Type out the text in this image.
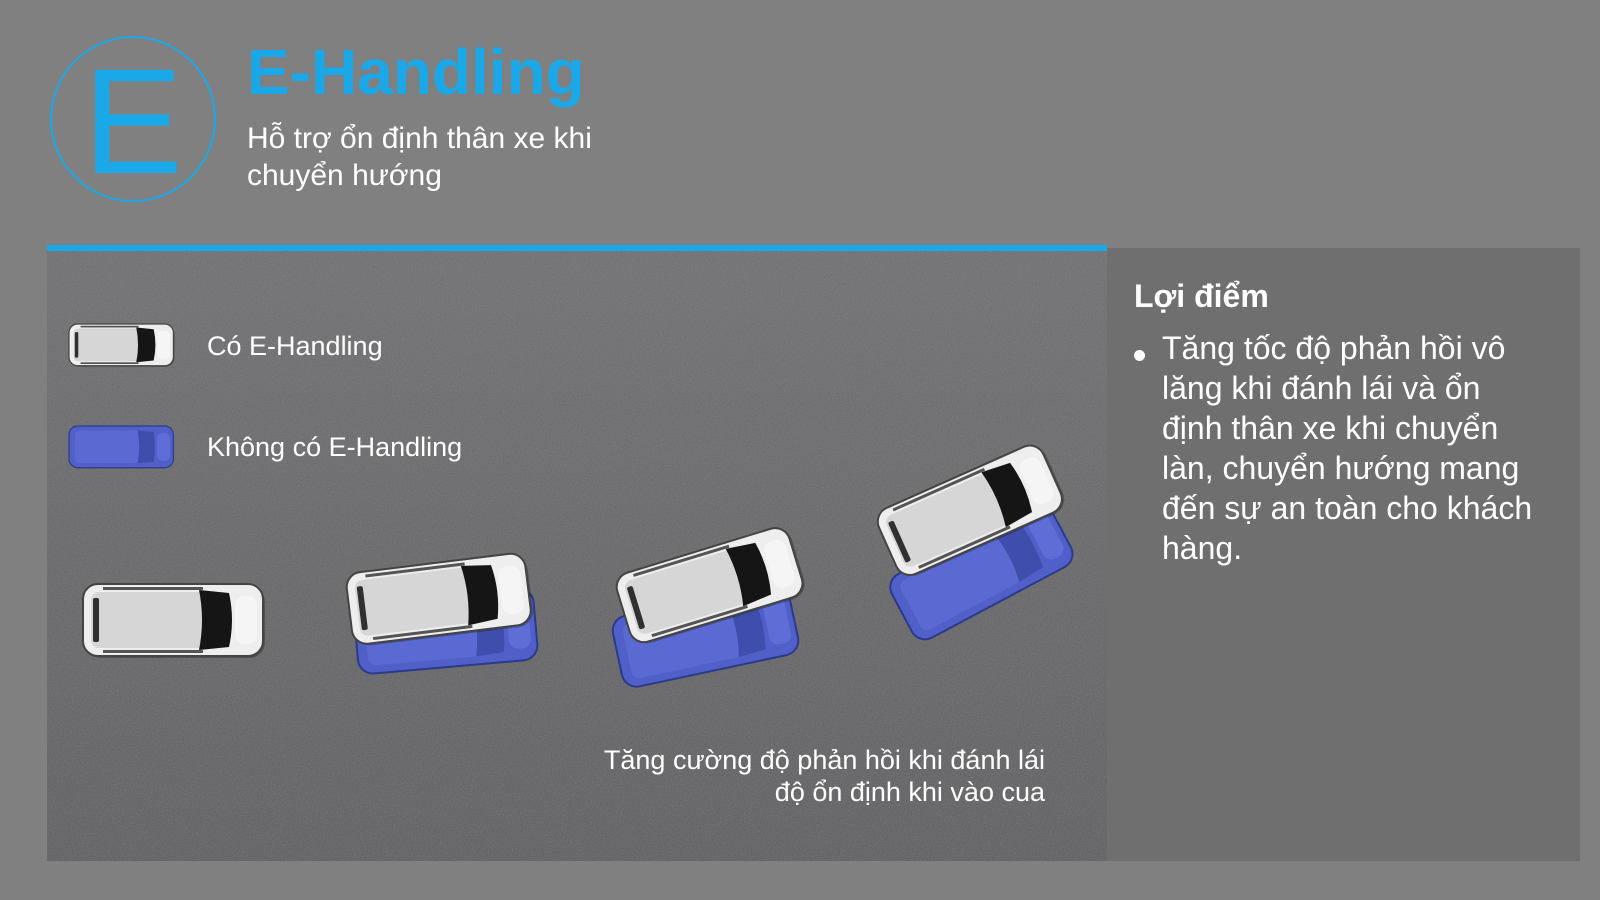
E E-Handling

Hỗ trợ ổn định thân xe khi chuyển hướng

Có E-Handling
Không có E-Handling
Tăng cường độ phản hồi khi đánh lái
độ ổn định khi vào cua
Lợi điểm
Tăng tốc độ phản hồi vô lăng khi đánh lái và ổn định thân xe khi chuyển làn, chuyển hướng mang đến sự an toàn cho khách hàng.
